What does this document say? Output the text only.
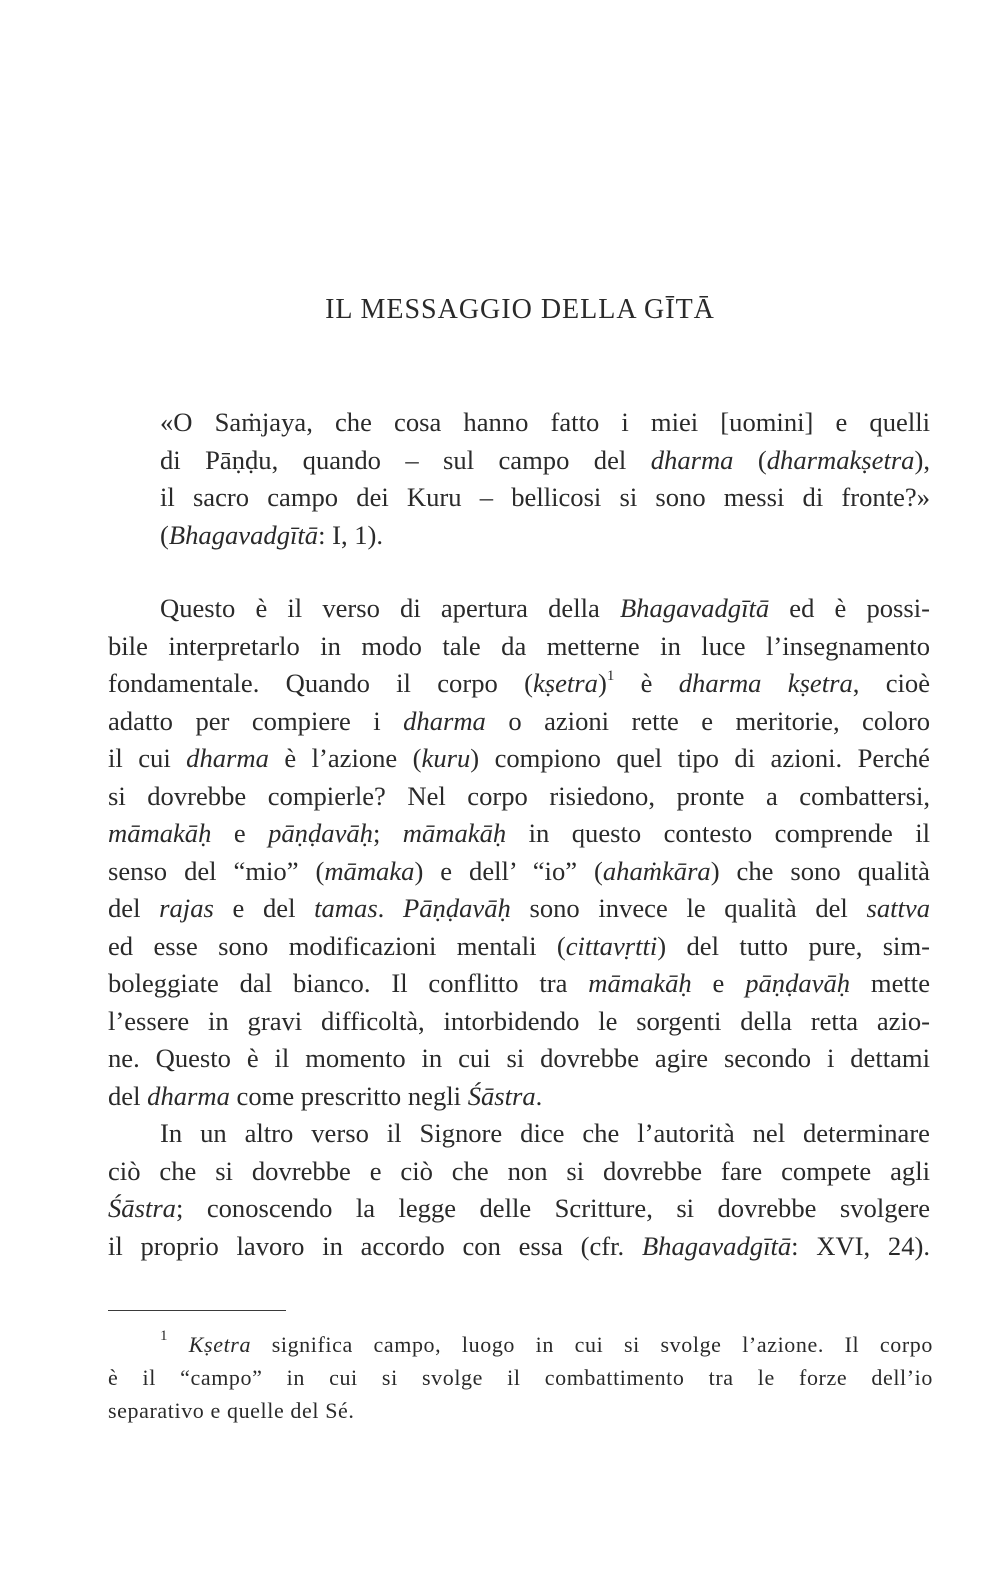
IL MESSAGGIO DELLA GĪTĀ
«O Saṁjaya, che cosa hanno fatto i miei [uomini] e quelli
di Pāṇḍu, quando – sul campo del dharma (dharmakṣetra),
il sacro campo dei Kuru – bellicosi si sono messi di fronte?»
(Bhagavadgītā: I, 1).
Questo è il verso di apertura della Bhagavadgītā ed è possi-
bile interpretarlo in modo tale da metterne in luce l’insegnamento
fondamentale. Quando il corpo (kṣetra)$^1$ è dharma kṣetra, cioè
adatto per compiere i dharma o azioni rette e meritorie, coloro
il cui dharma è l’azione (kuru) compiono quel tipo di azioni. Perché
si dovrebbe compierle? Nel corpo risiedono, pronte a combattersi,
māmakāḥ e pāṇḍavāḥ; māmakāḥ in questo contesto comprende il
senso del “mio” (māmaka) e dell’ “io” (ahaṁkāra) che sono qualità
del rajas e del tamas. Pāṇḍavāḥ sono invece le qualità del sattva
ed esse sono modificazioni mentali (cittavṛtti) del tutto pure, sim-
boleggiate dal bianco. Il conflitto tra māmakāḥ e pāṇḍavāḥ mette
l’essere in gravi difficoltà, intorbidendo le sorgenti della retta azio-
ne. Questo è il momento in cui si dovrebbe agire secondo i dettami
del dharma come prescritto negli Śāstra.
In un altro verso il Signore dice che l’autorità nel determinare
ciò che si dovrebbe e ciò che non si dovrebbe fare compete agli
Śāstra; conoscendo la legge delle Scritture, si dovrebbe svolgere
il proprio lavoro in accordo con essa (cfr. Bhagavadgītā: XVI, 24).
$^1$ Kṣetra significa campo, luogo in cui si svolge l’azione. Il corpo
è il “campo” in cui si svolge il combattimento tra le forze dell’io
separativo e quelle del Sé.
